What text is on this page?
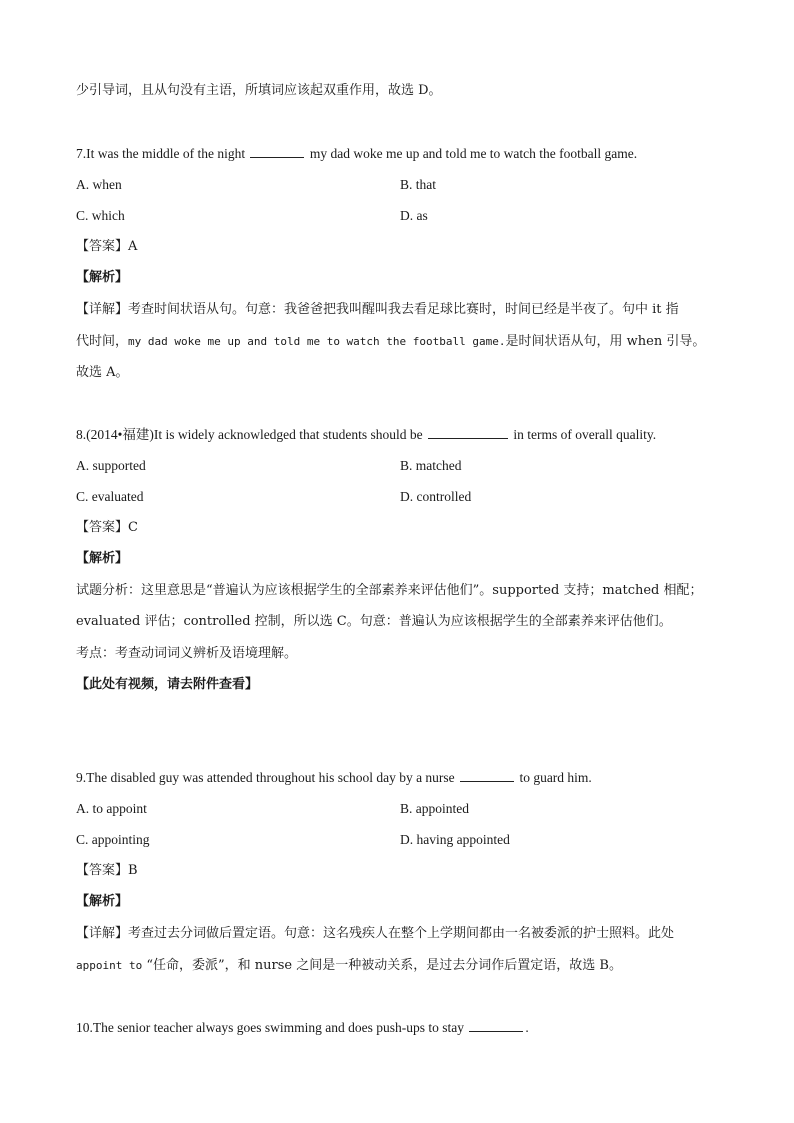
少引导词，且从句没有主语，所填词应该起双重作用，故选 D。
7.It was the middle of the night	my dad woke me up and told me to watch the football game.
A. when	B. that
C. which	D. as
【答案】A
【解析】
【详解】考查时间状语从句。句意：我爸爸把我叫醒叫我去看足球比赛时，时间已经是半夜了。句中 it 指
代时间，my dad woke me up and told me to watch the football game.是时间状语从句，用 when 引导。
故选 A。
8.(2014•福建)It is widely acknowledged that students should be	in terms of overall quality.
A. supported	B. matched
C. evaluated	D. controlled
【答案】C
【解析】
试题分析：这里意思是“普遍认为应该根据学生的全部素养来评估他们”。supported 支持；matched 相配；
evaluated 评估；controlled 控制，所以选 C。句意：普遍认为应该根据学生的全部素养来评估他们。
考点：考查动词词义辨析及语境理解。
【此处有视频，请去附件查看】
9.The disabled guy was attended throughout his school day by a nurse	to guard him.
A. to appoint	B. appointed
C. appointing	D. having appointed
【答案】B
【解析】
【详解】考查过去分词做后置定语。句意：这名残疾人在整个上学期间都由一名被委派的护士照料。此处
appoint to “任命，委派”，和 nurse 之间是一种被动关系，是过去分词作后置定语，故选 B。
10.The senior teacher always goes swimming and does push-ups to stay	.
